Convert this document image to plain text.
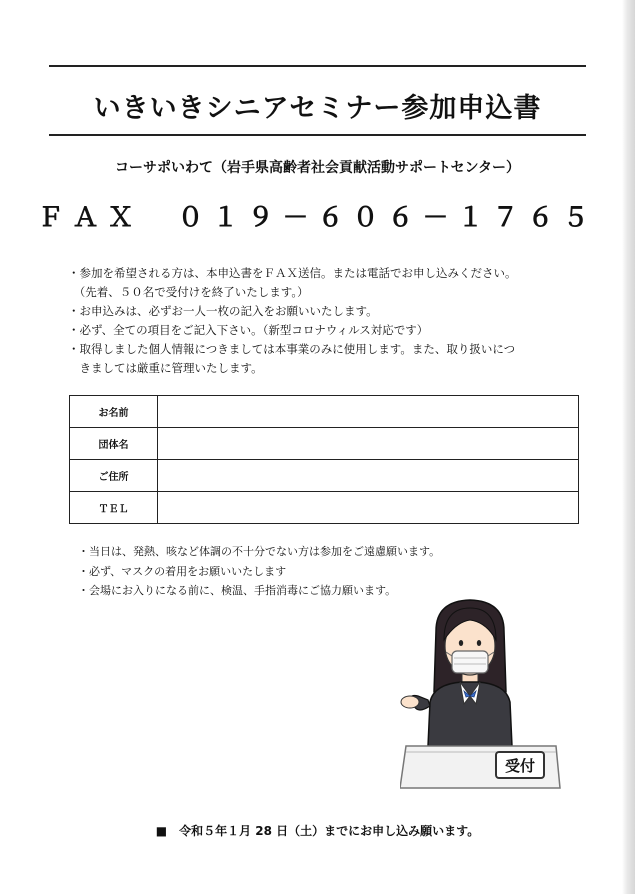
いきいきシニアセミナー参加申込書
コーサポいわて（岩手県高齢者社会貢献活動サポートセンター）
ＦＡＸ　０１９－６０６－１７６５
・参加を希望される方は、本申込書をＦＡＸ送信。または電話でお申し込みください。
　（先着、５０名で受付けを終了いたします。）
・お申込みは、必ずお一人一枚の記入をお願いいたします。
・必ず、全ての項目をご記入下さい。（新型コロナウィルス対応です）
・取得しました個人情報につきましては本事業のみに使用します。また、取り扱いにつ
　きましては厳重に管理いたします。
お名前	
団体名	
ご住所	
ＴＥＬ	
・当日は、発熱、咳など体調の不十分でない方は参加をご遠慮願います。
・必ず、マスクの着用をお願いいたします
・会場にお入りになる前に、検温、手指消毒にご協力願います。
受付
■　令和５年１月 28 日（土）までにお申し込み願います。
